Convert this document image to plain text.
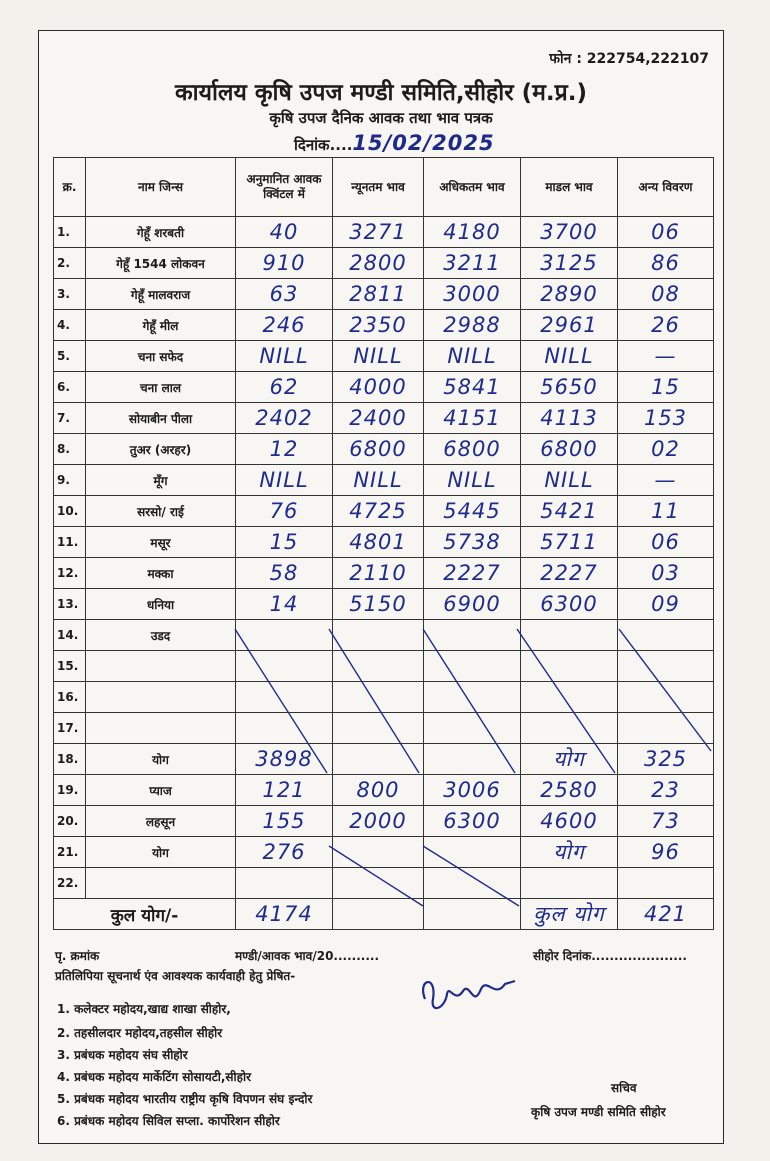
फोन : 222754,222107
कार्यालय कृषि उपज मण्डी समिति,सीहोर (म.प्र.)
कृषि उपज दैनिक आवक तथा भाव पत्रक
दिनांक....15/02/2025
क्र.	नाम जिन्स	अनुमानित आवक क्विंटल में	न्यूनतम भाव	अधिकतम भाव	माडल भाव	अन्य विवरण
1.	गेहूँ शरबती	40	3271	4180	3700	06
2.	गेहूँ 1544 लोकवन	910	2800	3211	3125	86
3.	गेहूँ मालवराज	63	2811	3000	2890	08
4.	गेहूँ मील	246	2350	2988	2961	26
5.	चना सफेद	NILL	NILL	NILL	NILL	—
6.	चना लाल	62	4000	5841	5650	15
7.	सोयाबीन पीला	2402	2400	4151	4113	153
8.	तुअर (अरहर)	12	6800	6800	6800	02
9.	मूँग	NILL	NILL	NILL	NILL	—
10.	सरसो/ राई	76	4725	5445	5421	11
11.	मसूर	15	4801	5738	5711	06
12.	मक्का	58	2110	2227	2227	03
13.	धनिया	14	5150	6900	6300	09
14.	उडद					
15.						
16.						
17.						
18.	योग	3898			योग	325
19.	प्याज	121	800	3006	2580	23
20.	लहसून	155	2000	6300	4600	73
21.	योग	276			योग	96
22.						
कुल योग/-		4174			कुल योग	421
पृ. क्रमांक	मण्डी/आवक भाव/20..........	सीहोर दिनांक.....................
प्रतिलिपिया सूचनार्थ एंव आवश्यक कार्यवाही हेतु प्रेषित-
1. कलेक्टर महोदय,खाद्य शाखा सीहोर,
2. तहसीलदार महोदय,तहसील सीहोर
3. प्रबंधक महोदय संघ सीहोर
4. प्रबंधक महोदय मार्केटिंग सोसायटी,सीहोर
5. प्रबंधक महोदय भारतीय राष्ट्रीय कृषि विपणन संघ इन्दोर
6. प्रबंधक महोदय सिविल सप्ला. कार्पोरेशन सीहोर
सचिव
कृषि उपज मण्डी समिति सीहोर
